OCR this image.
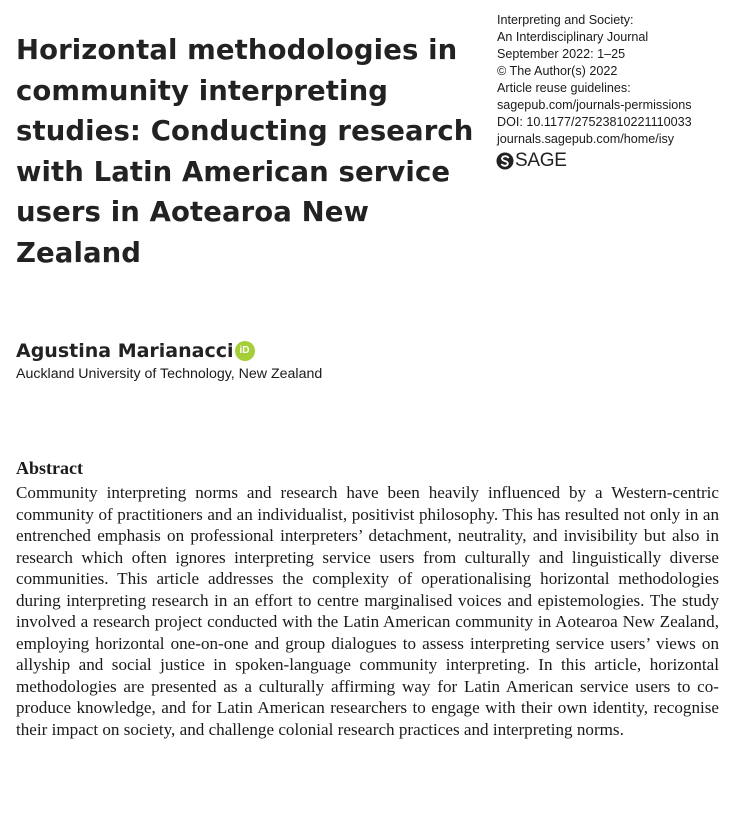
Horizontal methodologies in community interpreting studies: Conducting research with Latin American service users in Aotearoa New Zealand
Interpreting and Society:
An Interdisciplinary Journal
September 2022: 1–25
© The Author(s) 2022
Article reuse guidelines:
sagepub.com/journals-permissions
DOI: 10.1177/27523810221110033
journals.sagepub.com/home/isy
SAGE
Agustina Marianacci iD
Auckland University of Technology, New Zealand
Abstract

Community interpreting norms and research have been heavily influenced by a Western-centric community of practitioners and an individualist, positivist philosophy. This has resulted not only in an entrenched emphasis on professional interpreters’ detachment, neutrality, and invisibility but also in research which often ignores interpreting service users from culturally and linguistically diverse communities. This article addresses the complexity of operationalising horizontal methodologies during interpreting research in an effort to centre marginalised voices and epistemologies. The study involved a research project conducted with the Latin American community in Aotearoa New Zealand, employing horizontal one-on-one and group dialogues to assess interpreting service users’ views on allyship and social justice in spoken-language community interpreting. In this article, horizontal methodologies are presented as a culturally affirming way for Latin American service users to co-produce knowledge, and for Latin American researchers to engage with their own identity, recognise their impact on society, and challenge colonial research practices and interpreting norms.
